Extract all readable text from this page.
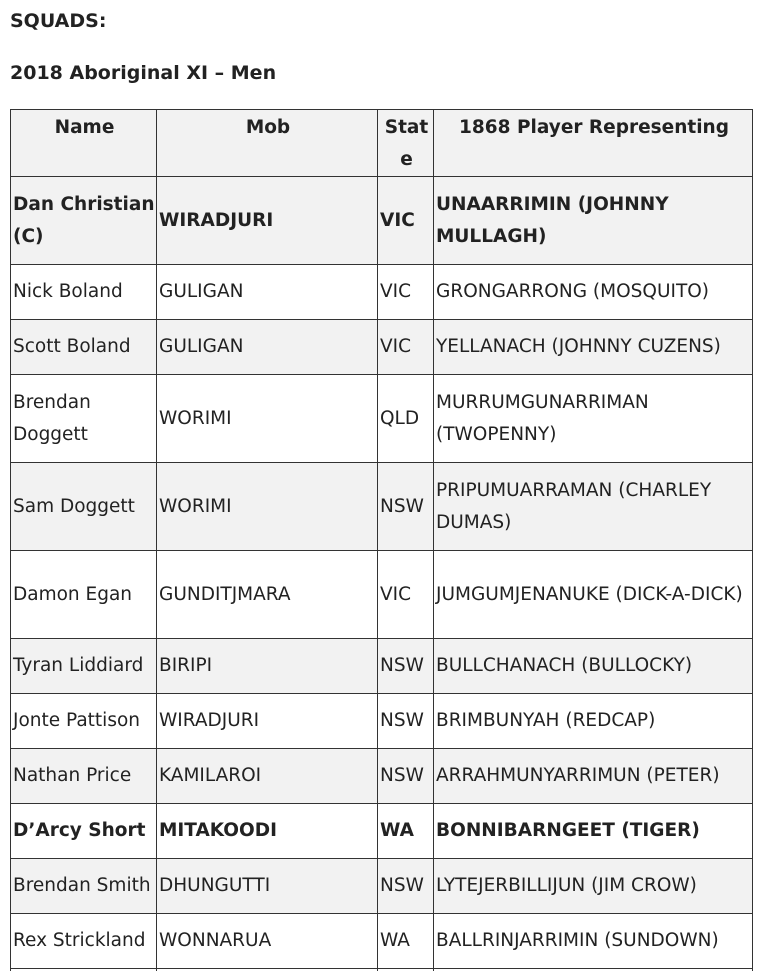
SQUADS:
2018 Aboriginal XI – Men
Name	Mob	State	1868 Player Representing
Dan Christian (C)	WIRADJURI	VIC	UNAARRIMIN (JOHNNY MULLAGH)
Nick Boland	GULIGAN	VIC	GRONGARRONG (MOSQUITO)
Scott Boland	GULIGAN	VIC	YELLANACH (JOHNNY CUZENS)
Brendan Doggett	WORIMI	QLD	MURRUMGUNARRIMAN (TWOPENNY)
Sam Doggett	WORIMI	NSW	PRIPUMUARRAMAN (CHARLEY DUMAS)
Damon Egan	GUNDITJMARA	VIC	JUMGUMJENANUKE (DICK-A-DICK)
Tyran Liddiard	BIRIPI	NSW	BULLCHANACH (BULLOCKY)
Jonte Pattison	WIRADJURI	NSW	BRIMBUNYAH (REDCAP)
Nathan Price	KAMILAROI	NSW	ARRAHMUNYARRIMUN (PETER)
D’Arcy Short	MITAKOODI	WA	BONNIBARNGEET (TIGER)
Brendan Smith	DHUNGUTTI	NSW	LYTEJERBILLIJUN (JIM CROW)
Rex Strickland	WONNARUA	WA	BALLRINJARRIMIN (SUNDOWN)
